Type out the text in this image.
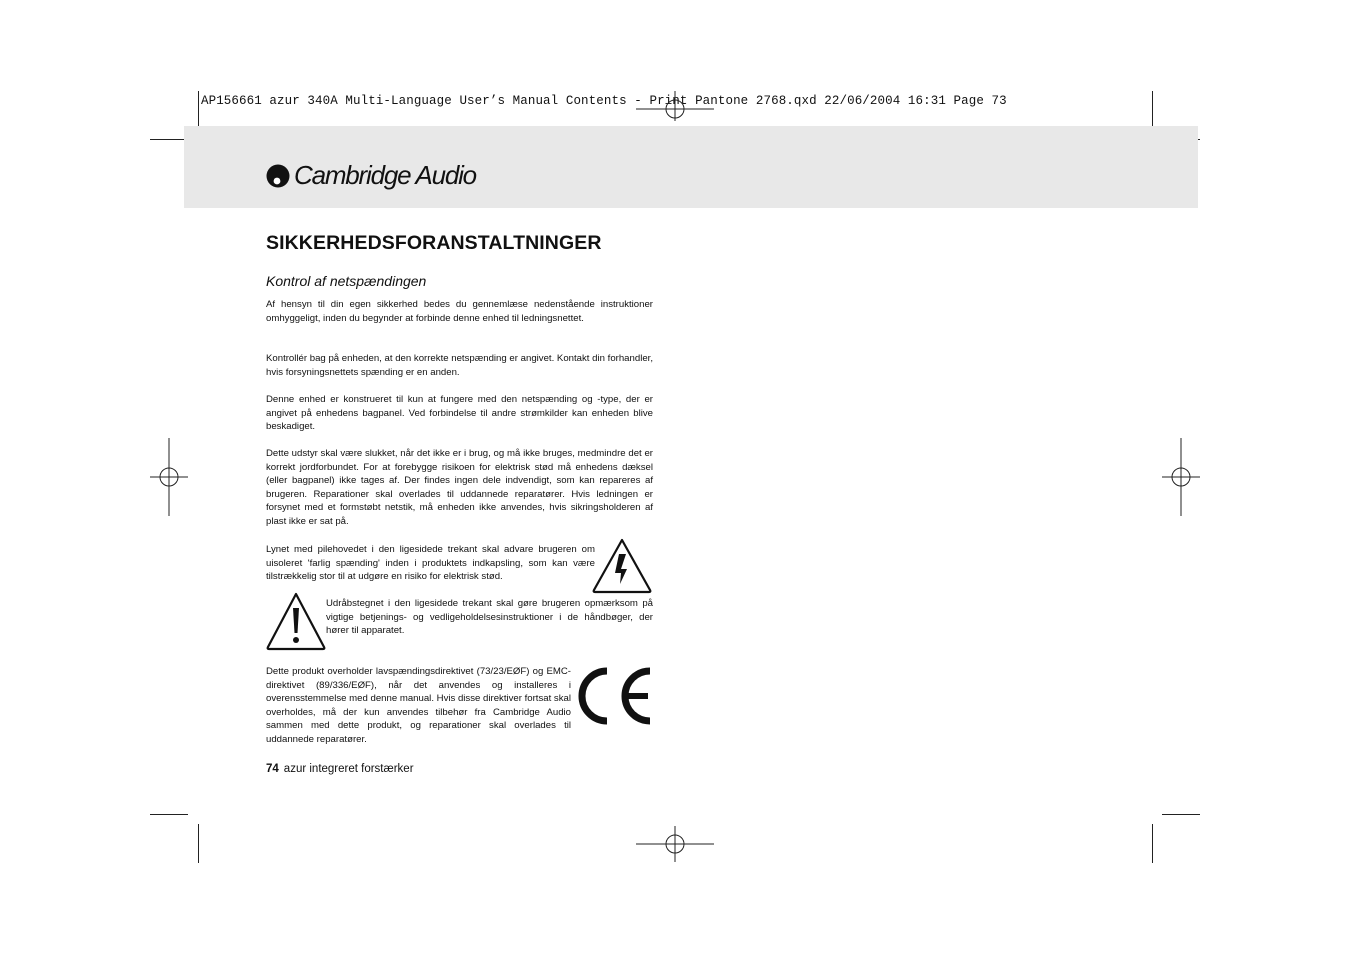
AP156661 azur 340A Multi-Language User’s Manual Contents - Print Pantone 2768.qxd 22/06/2004 16:31 Page 73
Cambridge Audio
SIKKERHEDSFORANSTALTNINGER
Kontrol af netspændingen

Af hensyn til din egen sikkerhed bedes du gennemlæse nedenstående instruktioner omhyggeligt, inden du begynder at forbinde denne enhed til ledningsnettet.

Kontrollér bag på enheden, at den korrekte netspænding er angivet. Kontakt din forhandler, hvis forsyningsnettets spænding er en anden.

Denne enhed er konstrueret til kun at fungere med den netspænding og -type, der er angivet på enhedens bagpanel. Ved forbindelse til andre strømkilder kan enheden blive beskadiget.

Dette udstyr skal være slukket, når det ikke er i brug, og må ikke bruges, medmindre det er korrekt jordforbundet. For at forebygge risikoen for elektrisk stød må enhedens dæksel (eller bagpanel) ikke tages af. Der findes ingen dele indvendigt, som kan repareres af brugeren. Reparationer skal overlades til uddannede reparatører. Hvis ledningen er forsynet med et formstøbt netstik, må enheden ikke anvendes, hvis sikringsholderen af plast ikke er sat på.

Lynet med pilehovedet i den ligesidede trekant skal advare brugeren om uisoleret 'farlig spænding' inden i produktets indkapsling, som kan være tilstrækkelig stor til at udgøre en risiko for elektrisk stød.

Udråbstegnet i den ligesidede trekant skal gøre brugeren opmærksom på vigtige betjenings- og vedligeholdelsesinstruktioner i de håndbøger, der hører til apparatet.

Dette produkt overholder lavspændingsdirektivet (73/23/EØF) og EMC-direktivet (89/336/EØF), når det anvendes og installeres i overensstemmelse med denne manual. Hvis disse direktiver fortsat skal overholdes, må der kun anvendes tilbehør fra Cambridge Audio sammen med dette produkt, og reparationer skal overlades til uddannede reparatører.

74 azur integreret forstærker
